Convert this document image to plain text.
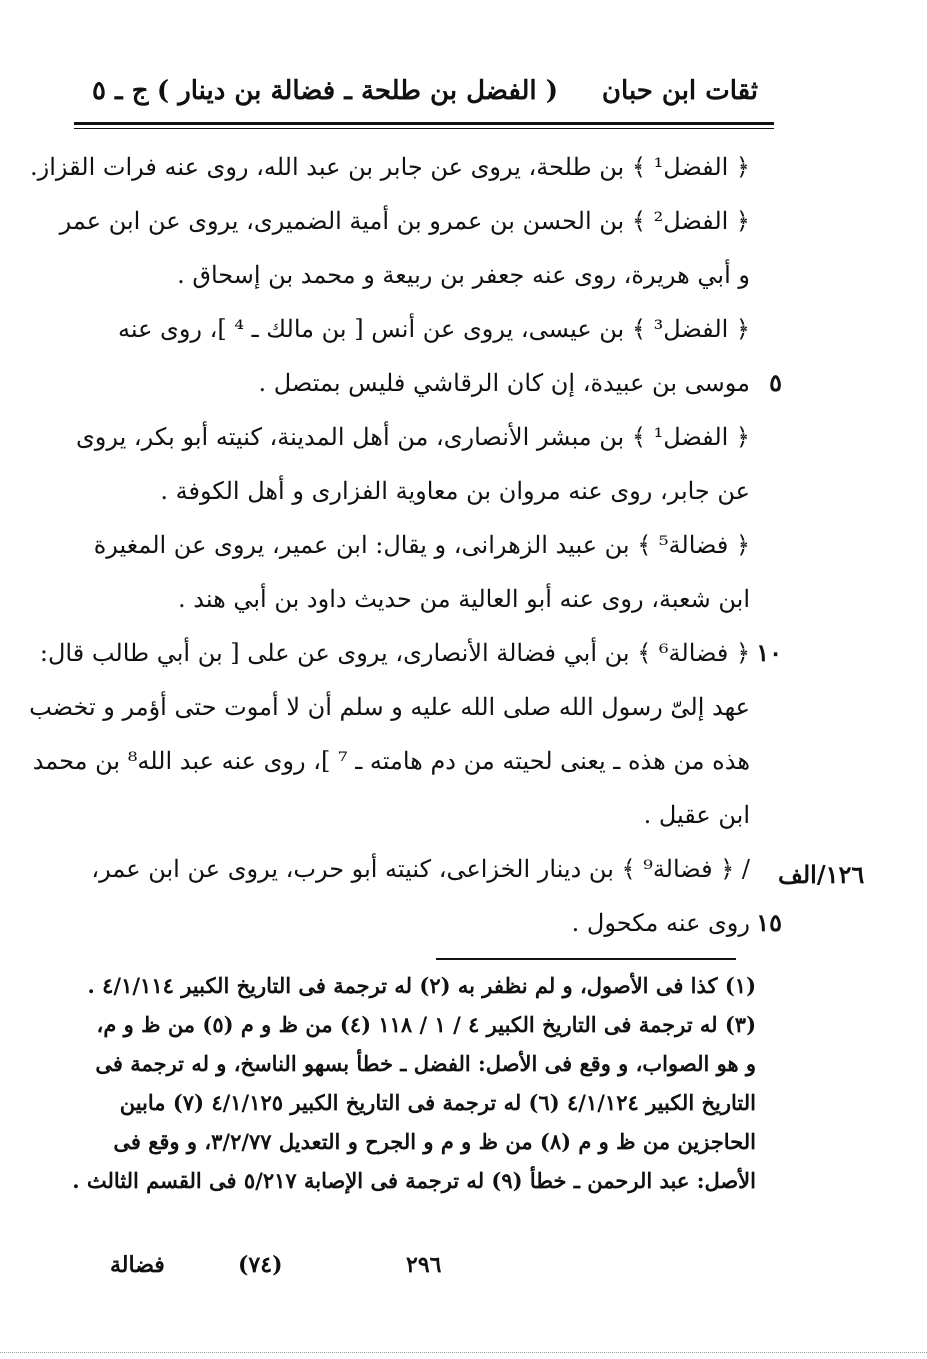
ثقات ابن حبان
( الفضل بن طلحة ـ فضالة بن دينار )
ج ـ ٥
﴿ الفضل¹ ﴾ بن طلحة، يروى عن جابر بن عبد الله، روى عنه فرات القزاز.
﴿ الفضل² ﴾ بن الحسن بن عمرو بن أمية الضميرى، يروى عن ابن عمر
و أبي هريرة، روى عنه جعفر بن ربيعة و محمد بن إسحاق .
﴿ الفضل³ ﴾ بن عيسى، يروى عن أنس [ بن مالك ـ ⁴ ]، روى عنه
٥
موسى بن عبيدة، إن كان الرقاشي فليس بمتصل .
﴿ الفضل¹ ﴾ بن مبشر الأنصارى، من أهل المدينة، كنيته أبو بكر، يروى
عن جابر، روى عنه مروان بن معاوية الفزارى و أهل الكوفة .
﴿ فضالة⁵ ﴾ بن عبيد الزهرانى، و يقال: ابن عمير، يروى عن المغيرة
ابن شعبة، روى عنه أبو العالية من حديث داود بن أبي هند .
١٠
﴿ فضالة⁶ ﴾ بن أبي فضالة الأنصارى، يروى عن على [ بن أبي طالب قال:
عهد إلىّ رسول الله صلى الله عليه و سلم أن لا أموت حتى أؤمر و تخضب
هذه من هذه ـ يعنى لحيته من دم هامته ـ ⁷ ]، روى عنه عبد الله⁸ بن محمد
ابن عقيل .
/ ﴿ فضالة⁹ ﴾ بن دينار الخزاعى، كنيته أبو حرب، يروى عن ابن عمر،
١٥
روى عنه مكحول .
١٢٦/الف
(١) كذا فى الأصول، و لم نظفر به (٢) له ترجمة فى التاريخ الكبير ٤/١/١١٤ .
(٣) له ترجمة فى التاريخ الكبير ٤ / ١ / ١١٨ (٤) من ظ و م (٥) من ظ و م،
و هو الصواب، و وقع فى الأصل: الفضل ـ خطأ بسهو الناسخ، و له ترجمة فى
التاريخ الكبير ٤/١/١٢٤ (٦) له ترجمة فى التاريخ الكبير ٤/١/١٢٥ (٧) مابين
الحاجزين من ظ و م (٨) من ظ و م و الجرح و التعديل ٣/٢/٧٧، و وقع فى
الأصل: عبد الرحمن ـ خطأ (٩) له ترجمة فى الإصابة ٥/٢١٧ فى القسم الثالث .
فضالة	(٧٤)	٢٩٦
